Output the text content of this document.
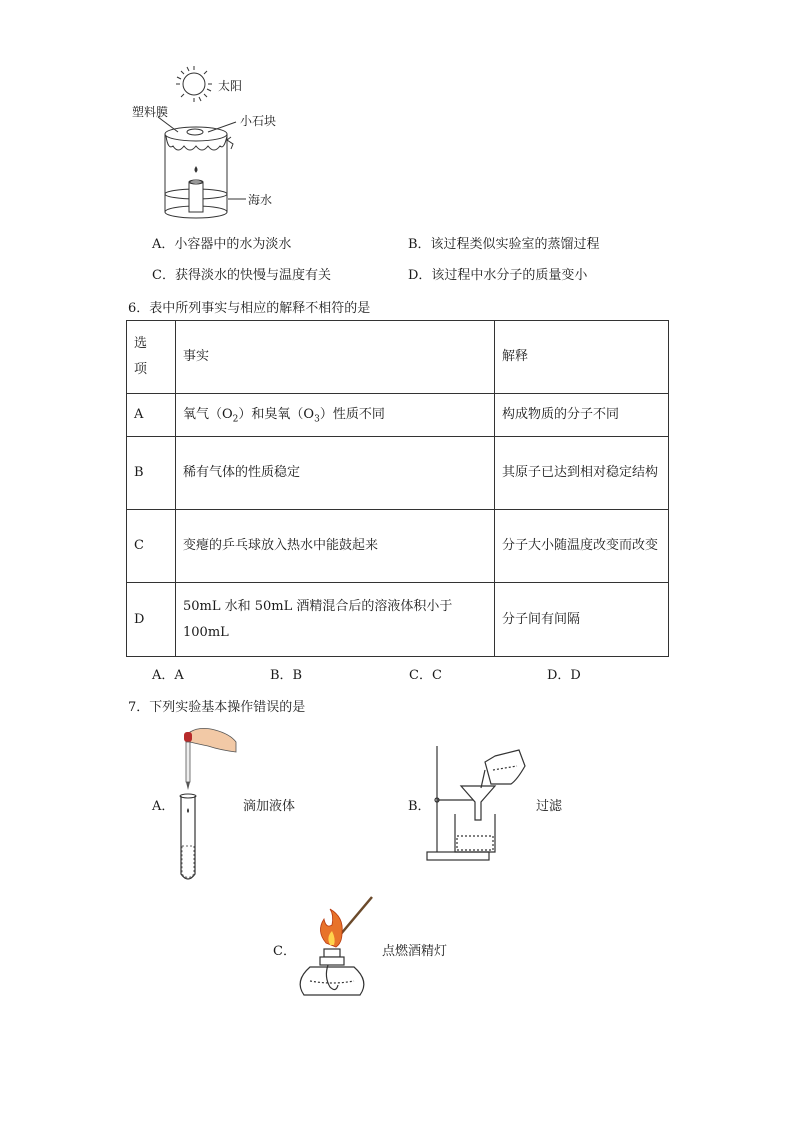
太阳
塑料膜
小石块
海水
A．小容器中的水为淡水	B．该过程类似实验室的蒸馏过程
C．获得淡水的快慢与温度有关	D．该过程中水分子的质量变小
6．表中所列事实与相应的解释不相符的是
选
项	事实	解释
A	氧气$(O_2)$和臭氧$(O_3)$性质不同	构成物质的分子不同
B	稀有气体的性质稳定	其原子已达到相对稳定结构
C	变瘪的乒乓球放入热水中能鼓起来	分子大小随温度改变而改变
D	50mL 水和 50mL 酒精混合后的溶液体积小于100mL	分子间有间隔
A．A	B．B	C．C	D．D
7．下列实验基本操作错误的是
A．	滴加液体	B．	过滤
C．	点燃酒精灯
